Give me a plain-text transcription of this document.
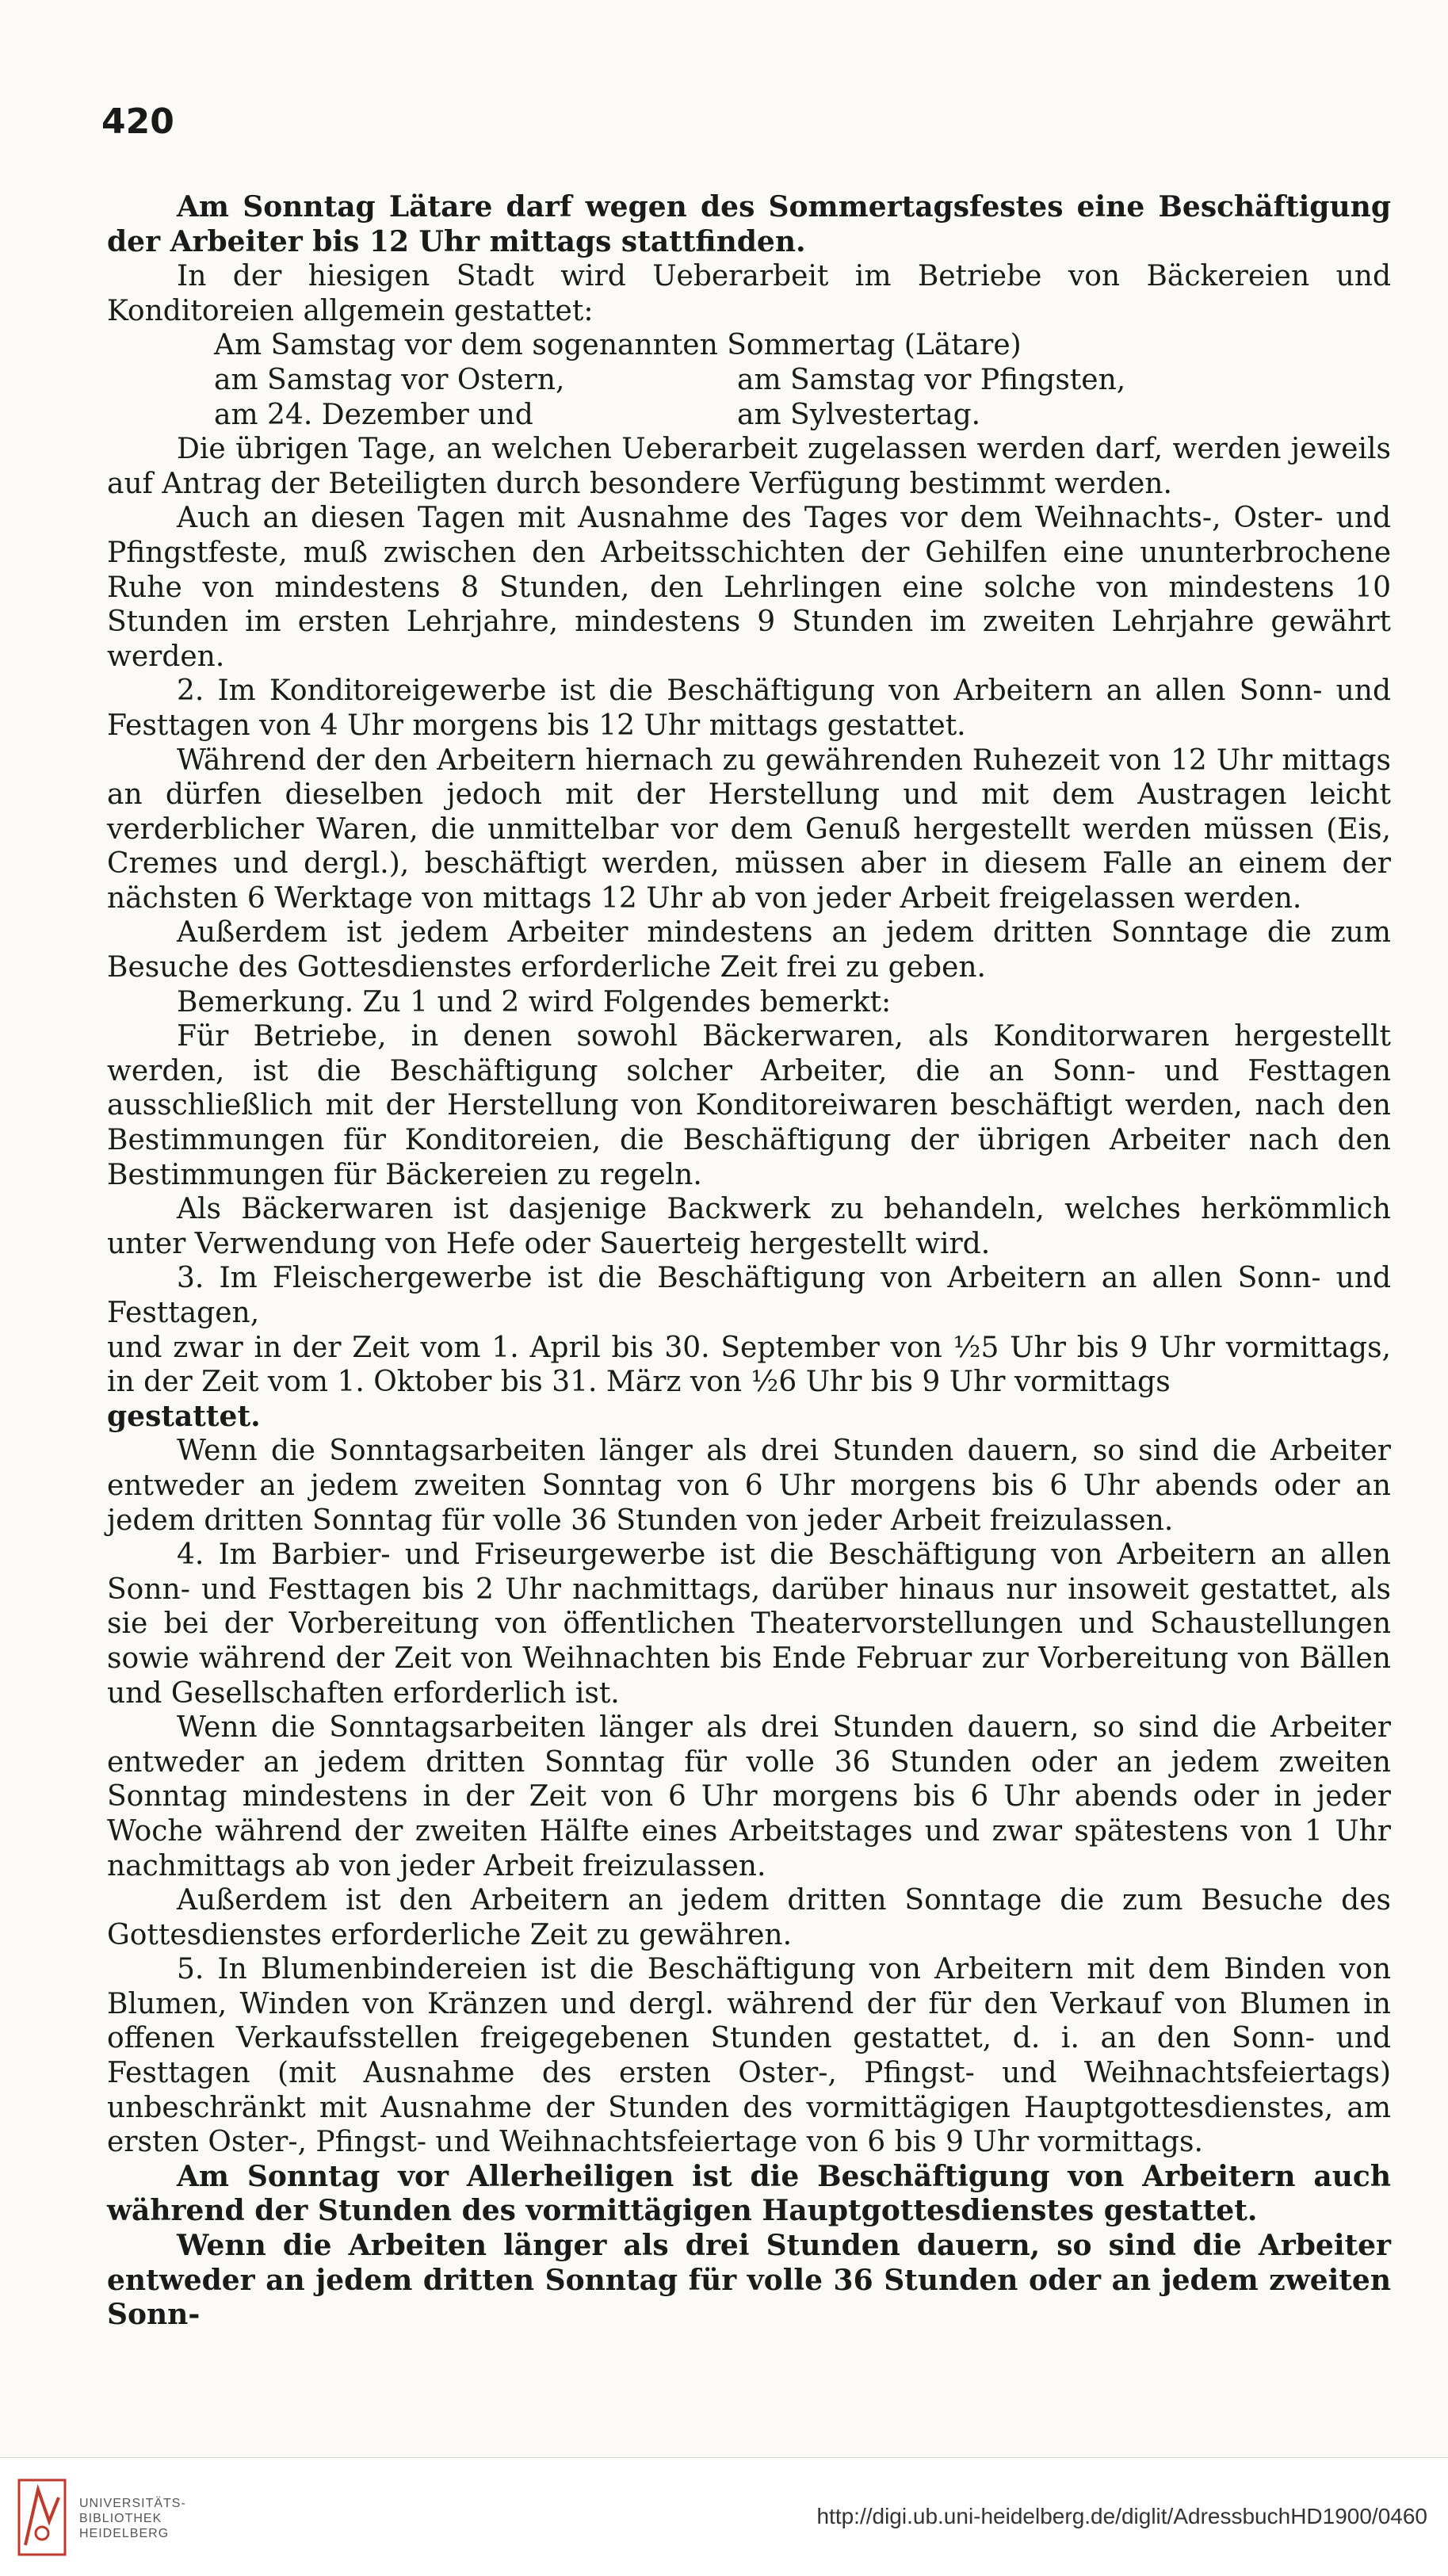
420

Am Sonntag Lätare darf wegen des Sommertagsfestes eine Beschäftigung der Arbeiter bis 12 Uhr mittags stattfinden.

In der hiesigen Stadt wird Ueberarbeit im Betriebe von Bäckereien und Konditoreien allgemein gestattet:

Am Samstag vor dem sogenannten Sommertag (Lätare)
am Samstag vor Ostern,	am Samstag vor Pfingsten,
am 24. Dezember und	am Sylvestertag.

Die übrigen Tage, an welchen Ueberarbeit zugelassen werden darf, werden jeweils auf Antrag der Beteiligten durch besondere Verfügung bestimmt werden.

Auch an diesen Tagen mit Ausnahme des Tages vor dem Weihnachts-, Oster- und Pfingstfeste, muß zwischen den Arbeitsschichten der Gehilfen eine ununterbrochene Ruhe von mindestens 8 Stunden, den Lehrlingen eine solche von mindestens 10 Stunden im ersten Lehrjahre, mindestens 9 Stunden im zweiten Lehrjahre gewährt werden.

2. Im Konditoreigewerbe ist die Beschäftigung von Arbeitern an allen Sonn- und Festtagen von 4 Uhr morgens bis 12 Uhr mittags gestattet.

Während der den Arbeitern hiernach zu gewährenden Ruhezeit von 12 Uhr mittags an dürfen dieselben jedoch mit der Herstellung und mit dem Austragen leicht verderblicher Waren, die unmittelbar vor dem Genuß hergestellt werden müssen (Eis, Cremes und dergl.), beschäftigt werden, müssen aber in diesem Falle an einem der nächsten 6 Werktage von mittags 12 Uhr ab von jeder Arbeit freigelassen werden.

Außerdem ist jedem Arbeiter mindestens an jedem dritten Sonntage die zum Besuche des Gottesdienstes erforderliche Zeit frei zu geben.

Bemerkung. Zu 1 und 2 wird Folgendes bemerkt:

Für Betriebe, in denen sowohl Bäckerwaren, als Konditorwaren hergestellt werden, ist die Beschäftigung solcher Arbeiter, die an Sonn- und Festtagen ausschließlich mit der Herstellung von Konditoreiwaren beschäftigt werden, nach den Bestimmungen für Konditoreien, die Beschäftigung der übrigen Arbeiter nach den Bestimmungen für Bäckereien zu regeln.

Als Bäckerwaren ist dasjenige Backwerk zu behandeln, welches herkömmlich unter Verwendung von Hefe oder Sauerteig hergestellt wird.

3. Im Fleischergewerbe ist die Beschäftigung von Arbeitern an allen Sonn- und Festtagen,

und zwar in der Zeit vom 1. April bis 30. September von ½5 Uhr bis 9 Uhr vormittags, in der Zeit vom 1. Oktober bis 31. März von ½6 Uhr bis 9 Uhr vormittags

gestattet.

Wenn die Sonntagsarbeiten länger als drei Stunden dauern, so sind die Arbeiter entweder an jedem zweiten Sonntag von 6 Uhr morgens bis 6 Uhr abends oder an jedem dritten Sonntag für volle 36 Stunden von jeder Arbeit freizulassen.

4. Im Barbier- und Friseurgewerbe ist die Beschäftigung von Arbeitern an allen Sonn- und Festtagen bis 2 Uhr nachmittags, darüber hinaus nur insoweit gestattet, als sie bei der Vorbereitung von öffentlichen Theatervorstellungen und Schaustellungen sowie während der Zeit von Weihnachten bis Ende Februar zur Vorbereitung von Bällen und Gesellschaften erforderlich ist.

Wenn die Sonntagsarbeiten länger als drei Stunden dauern, so sind die Arbeiter entweder an jedem dritten Sonntag für volle 36 Stunden oder an jedem zweiten Sonntag mindestens in der Zeit von 6 Uhr morgens bis 6 Uhr abends oder in jeder Woche während der zweiten Hälfte eines Arbeitstages und zwar spätestens von 1 Uhr nachmittags ab von jeder Arbeit freizulassen.

Außerdem ist den Arbeitern an jedem dritten Sonntage die zum Besuche des Gottesdienstes erforderliche Zeit zu gewähren.

5. In Blumenbindereien ist die Beschäftigung von Arbeitern mit dem Binden von Blumen, Winden von Kränzen und dergl. während der für den Verkauf von Blumen in offenen Verkaufsstellen freigegebenen Stunden gestattet, d. i. an den Sonn- und Festtagen (mit Ausnahme des ersten Oster-, Pfingst- und Weihnachtsfeiertags) unbeschränkt mit Ausnahme der Stunden des vormittägigen Hauptgottesdienstes, am ersten Oster-, Pfingst- und Weihnachtsfeiertage von 6 bis 9 Uhr vormittags.

Am Sonntag vor Allerheiligen ist die Beschäftigung von Arbeitern auch während der Stunden des vormittägigen Hauptgottesdienstes gestattet.

Wenn die Arbeiten länger als drei Stunden dauern, so sind die Arbeiter entweder an jedem dritten Sonntag für volle 36 Stunden oder an jedem zweiten Sonn-

UNIVERSITÄTS-
BIBLIOTHEK
HEIDELBERG
http://digi.ub.uni-heidelberg.de/diglit/AdressbuchHD1900/0460
